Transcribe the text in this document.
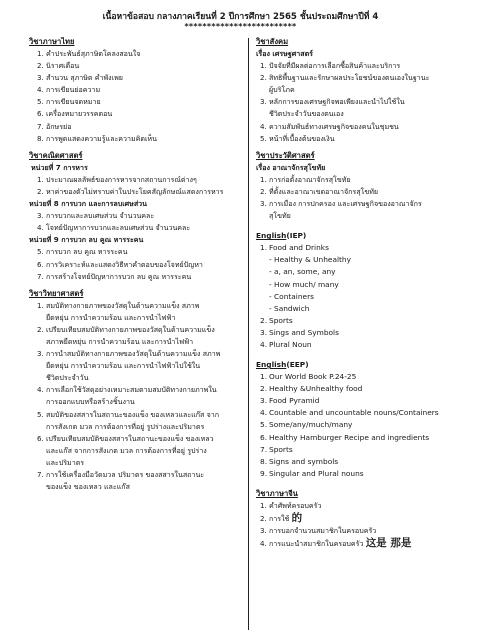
เนื้อหาข้อสอบ กลางภาคเรียนที่ 2 ปีการศึกษา 2565 ชั้นประถมศึกษาปีที่ 4
*************************
วิชาภาษาไทย
1. คำประพันธ์สุภาษิตโคลงสอนใจ
2. นิราศเดือน
3. สำนวน สุภาษิต คำพังเพย
4. การเขียนย่อความ
5. การเขียนจดหมาย
6. เครื่องหมายวรรคตอน
7. อักษรย่อ
8. การพูดแสดงความรู้และความคิดเห็น
วิชาคณิตศาสตร์
หน่วยที่ 7 การหาร
1. ประมาณผลลัพธ์ของการหารจากสถานการณ์ต่างๆ
2. หาค่าของตัวไม่ทราบค่าในประโยคสัญลักษณ์แสดงการหาร
หน่วยที่ 8 การบวก และการลบเศษส่วน
3. การบวกและลบเศษส่วน จำนวนคละ
4. โจทย์ปัญหาการบวกและลบเศษส่วน จำนวนคละ
หน่วยที่ 9 การบวก ลบ คูณ หารระคน
5. การบวก ลบ คูณ หารระคน
6. การวิเคราะห์และแสดงวิธีหาคำตอบของโจทย์ปัญหา
7. การสร้างโจทย์ปัญหาการบวก ลบ คูณ หารระคน
วิชาวิทยาศาสตร์
1. สมบัติทางกายภาพของวัสดุในด้านความแข็ง สภาพ
ยืดหยุ่น การนำความร้อน และการนำไฟฟ้า
2. เปรียบเทียบสมบัติทางกายภาพของวัสดุในด้านความแข็ง
สภาพยืดหยุ่น การนำความร้อน และการนำไฟฟ้า
3. การนำสมบัติทางกายภาพของวัสดุในด้านความแข็ง สภาพ
ยืดหยุ่น การนำความร้อน และการนำไฟฟ้าไปใช้ใน
ชีวิตประจำวัน
4. การเลือกใช้วัสดุอย่างเหมาะสมตามสมบัติทางกายภาพใน
การออกแบบหรือสร้างชิ้นงาน
5. สมบัติของสสารในสถานะของแข็ง ของเหลวและแก๊ส จาก
การสังเกต มวล การต้องการที่อยู่ รูปร่างและปริมาตร
6. เปรียบเทียบสมบัติของสสารในสถานะของแข็ง ของเหลว
และแก๊ส จากการสังเกต มวล การต้องการที่อยู่ รูปร่าง
และปริมาตร
7. การใช้เครื่องมือวัดมวล ปริมาตร ของสสารในสถานะ
ของแข็ง ของเหลว และแก๊ส
วิชาสังคม
เรื่อง เศรษฐศาสตร์
1. ปัจจัยที่มีผลต่อการเลือกซื้อสินค้าและบริการ
2. สิทธิพื้นฐานและรักษาผลประโยชน์ของตนเองในฐานะ
ผู้บริโภค
3. หลักการของเศรษฐกิจพอเพียงและนำไปใช้ใน
ชีวิตประจำวันของตนเอง
4. ความสัมพันธ์ทางเศรษฐกิจของคนในชุมชน
5. หน้าที่เบื้องต้นของเงิน
วิชาประวัติศาสตร์
เรื่อง อาณาจักรสุโขทัย
1. การก่อตั้งอาณาจักรสุโขทัย
2. ที่ตั้งและอาณาเขตอาณาจักรสุโขทัย
3. การเมือง การปกครอง และเศรษฐกิจของอาณาจักร
สุโขทัย
English(IEP)
1. Food and Drinks
- Healthy & Unhealthy
- a, an, some, any
- How much/ many
- Containers
- Sandwich
2. Sports
3. Sings and Symbols
4. Plural Noun
English(EEP)
1. Our World Book P.24-25
2. Healthy &Unhealthy food
3. Food Pyramid
4. Countable and uncountable nouns/Containers
5. Some/any/much/many
6. Healthy Hamburger Recipe and ingredients
7. Sports
8. Signs and symbols
9. Singular and Plural nouns
วิชาภาษาจีน
1. คำศัพท์ครอบครัว
2. การใช้ 的
3. การบอกจำนวนสมาชิกในครอบครัว
4. การแนะนำสมาชิกในครอบครัว 这是 那是
